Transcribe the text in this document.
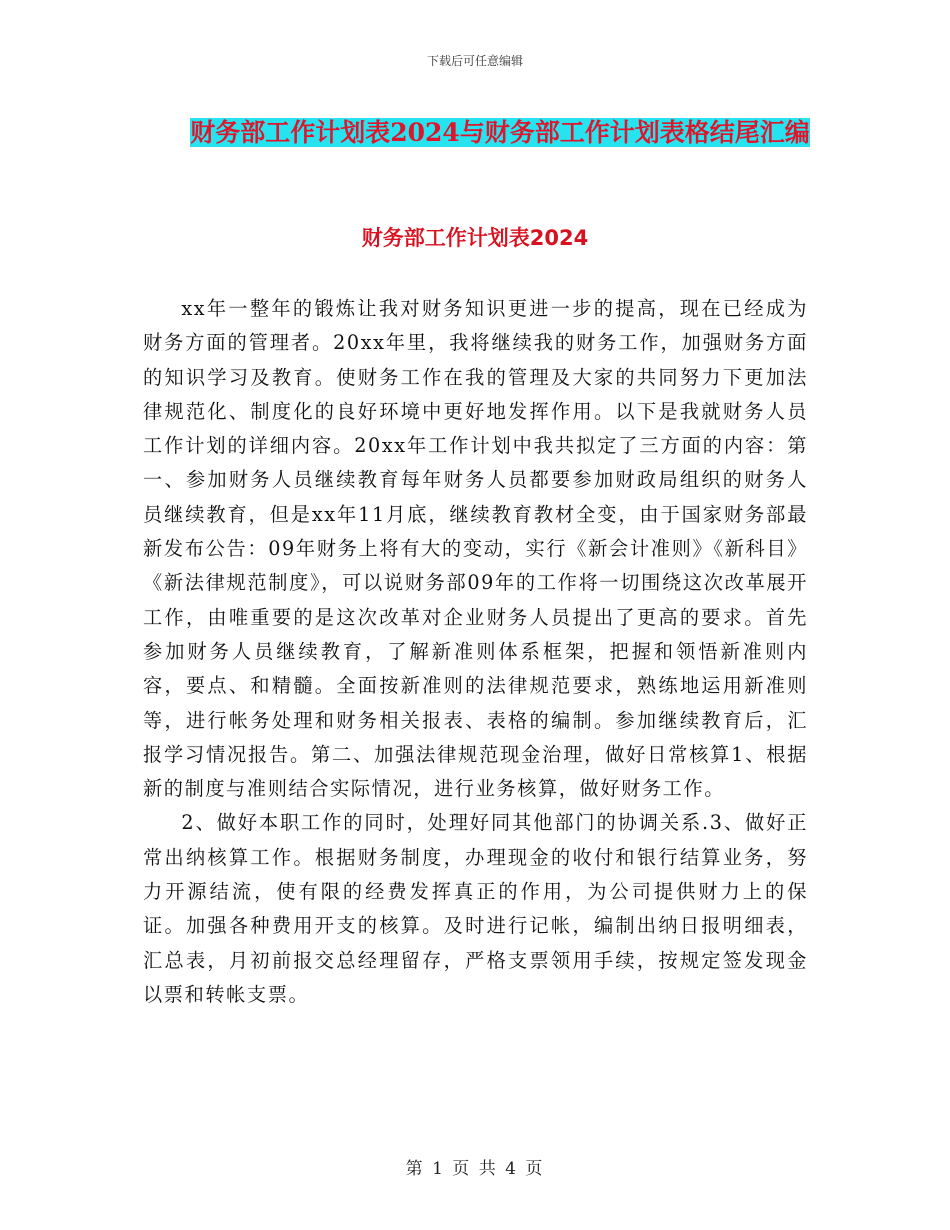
下载后可任意编辑
财务部工作计划表2024与财务部工作计划表格结尾汇编
财务部工作计划表2024

xx年一整年的锻炼让我对财务知识更进一步的提高，现在已经成为财务方面的管理者。20xx年里，我将继续我的财务工作，加强财务方面的知识学习及教育。使财务工作在我的管理及大家的共同努力下更加法律规范化、制度化的良好环境中更好地发挥作用。以下是我就财务人员工作计划的详细内容。20xx年工作计划中我共拟定了三方面的内容：第一、参加财务人员继续教育每年财务人员都要参加财政局组织的财务人员继续教育，但是xx年11月底，继续教育教材全变，由于国家财务部最新发布公告：09年财务上将有大的变动，实行《新会计准则》《新科目》《新法律规范制度》，可以说财务部09年的工作将一切围绕这次改革展开工作，由唯重要的是这次改革对企业财务人员提出了更高的要求。首先参加财务人员继续教育，了解新准则体系框架，把握和领悟新准则内容，要点、和精髓。全面按新准则的法律规范要求，熟练地运用新准则等，进行帐务处理和财务相关报表、表格的编制。参加继续教育后，汇报学习情况报告。第二、加强法律规范现金治理，做好日常核算1、根据新的制度与准则结合实际情况，进行业务核算，做好财务工作。

2、做好本职工作的同时，处理好同其他部门的协调关系.3、做好正常出纳核算工作。根据财务制度，办理现金的收付和银行结算业务，努力开源结流，使有限的经费发挥真正的作用，为公司提供财力上的保证。加强各种费用开支的核算。及时进行记帐，编制出纳日报明细表，汇总表，月初前报交总经理留存，严格支票领用手续，按规定签发现金以票和转帐支票。

第 1 页 共 4 页
